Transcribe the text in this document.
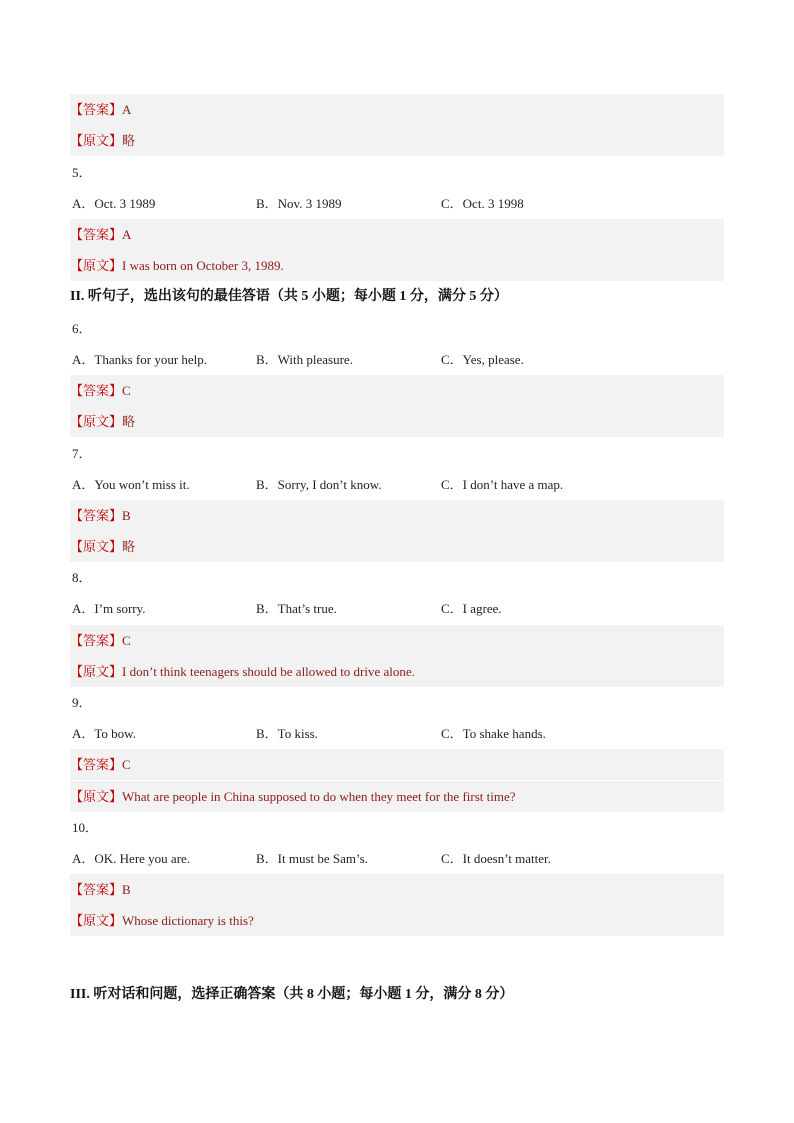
【答案】A
【原文】略
5．
A．Oct. 3 1989	B．Nov. 3 1989	C．Oct. 3 1998
【答案】A
【原文】I was born on October 3, 1989.
II. 听句子，选出该句的最佳答语（共 5 小题；每小题 1 分，满分 5 分）
6．
A．Thanks for your help.	B．With pleasure.	C．Yes, please.
【答案】C
【原文】略
7．
A．You won’t miss it.	B．Sorry, I don’t know.	C．I don’t have a map.
【答案】B
【原文】略
8．
A．I’m sorry.	B．That’s true.	C．I agree.
【答案】C
【原文】I don’t think teenagers should be allowed to drive alone.
9．
A．To bow.	B．To kiss.	C．To shake hands.
【答案】C
【原文】What are people in China supposed to do when they meet for the first time?
10．
A．OK. Here you are.	B．It must be Sam’s.	C．It doesn’t matter.
【答案】B
【原文】Whose dictionary is this?
III. 听对话和问题，选择正确答案（共 8 小题；每小题 1 分，满分 8 分）
